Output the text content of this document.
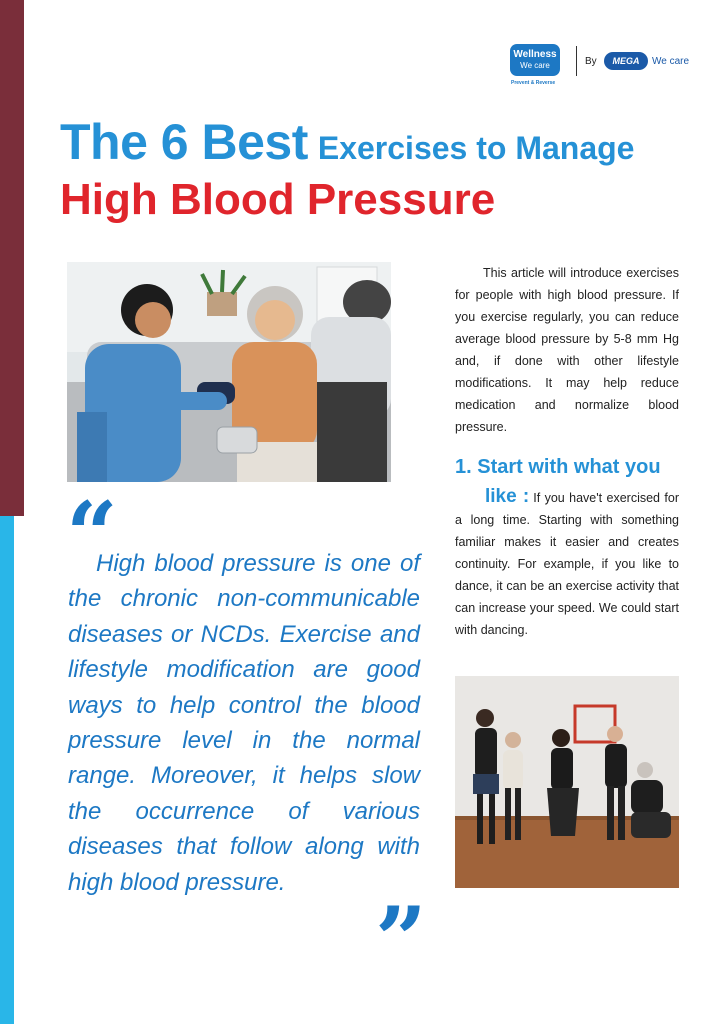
Wellness
We care
Prevent & Reverse
By	MEGA	We care
The 6 Best Exercises to Manage
High Blood Pressure
This article will introduce exercises for people with high blood pressure. If you exercise regularly, you can reduce average blood pressure by 5-8 mm Hg and, if done with other lifestyle modifications. It may help reduce medication and normalize blood pressure.
1. Start with what you
like : If you have't exercised for a long time. Starting with something familiar makes it easier and creates continuity. For example, if you like to dance, it can be an exercise activity that can increase your speed. We could start with dancing.
“
High blood pressure is one of the chronic non-communicable diseases or NCDs. Exercise and lifestyle modification are good ways to help control the blood pressure level in the normal range. Moreover, it helps slow the occurrence of various diseases that follow along with high blood pressure.
”
